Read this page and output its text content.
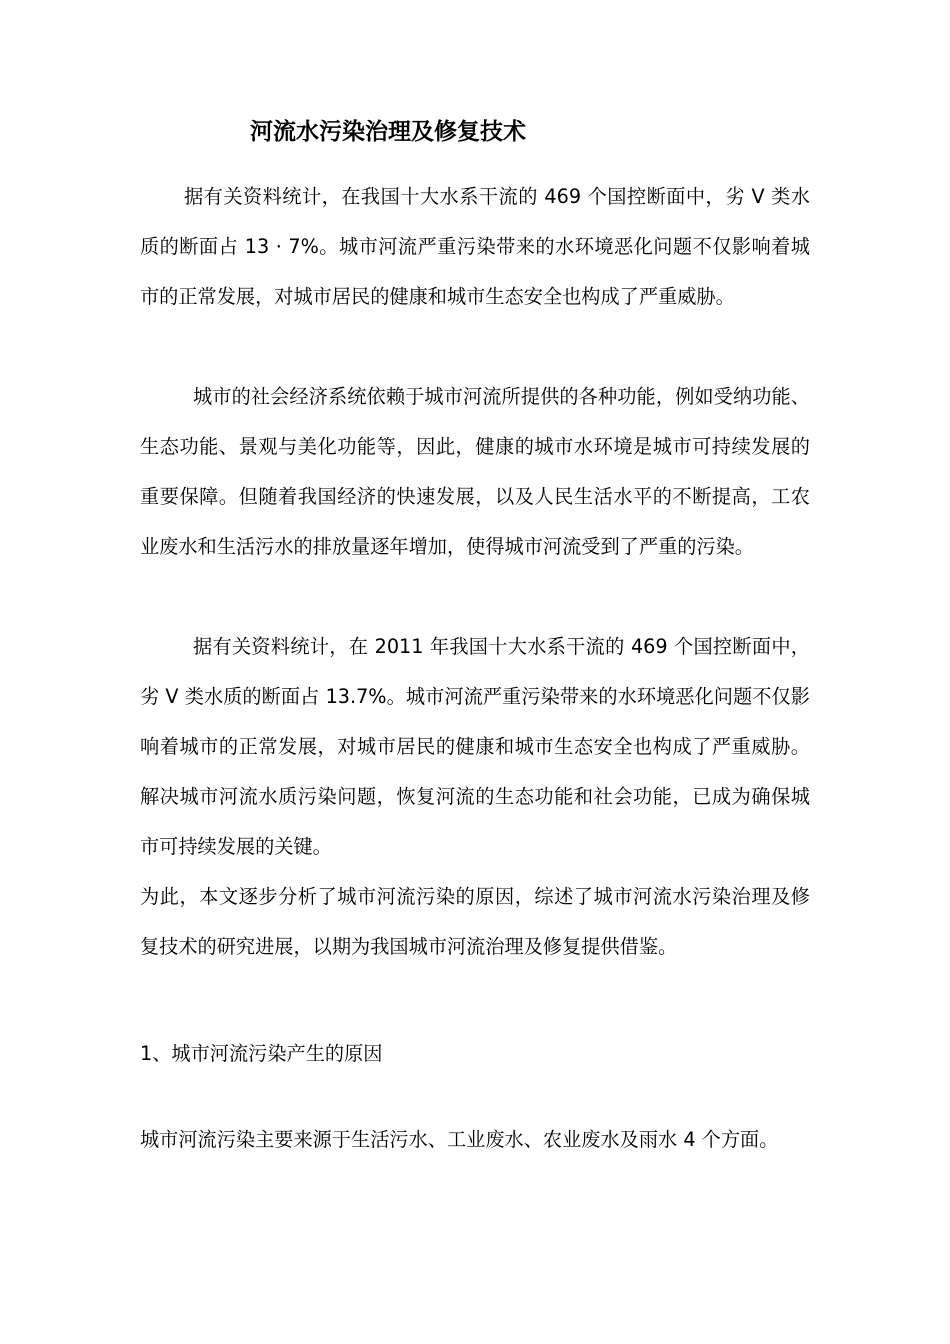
河流水污染治理及修复技术

据有关资料统计，在我国十大水系干流的 469 个国控断面中，劣 V 类水质的断面占 13 · 7%。城市河流严重污染带来的水环境恶化问题不仅影响着城市的正常发展，对城市居民的健康和城市生态安全也构成了严重威胁。

城市的社会经济系统依赖于城市河流所提供的各种功能，例如受纳功能、生态功能、景观与美化功能等，因此，健康的城市水环境是城市可持续发展的重要保障。但随着我国经济的快速发展，以及人民生活水平的不断提高，工农业废水和生活污水的排放量逐年增加，使得城市河流受到了严重的污染。

据有关资料统计，在 2011 年我国十大水系干流的 469 个国控断面中，劣 V 类水质的断面占 13.7%。城市河流严重污染带来的水环境恶化问题不仅影响着城市的正常发展，对城市居民的健康和城市生态安全也构成了严重威胁。解决城市河流水质污染问题，恢复河流的生态功能和社会功能，已成为确保城市可持续发展的关键。

为此，本文逐步分析了城市河流污染的原因，综述了城市河流水污染治理及修复技术的研究进展，以期为我国城市河流治理及修复提供借鉴。

1、城市河流污染产生的原因

城市河流污染主要来源于生活污水、工业废水、农业废水及雨水 4 个方面。
